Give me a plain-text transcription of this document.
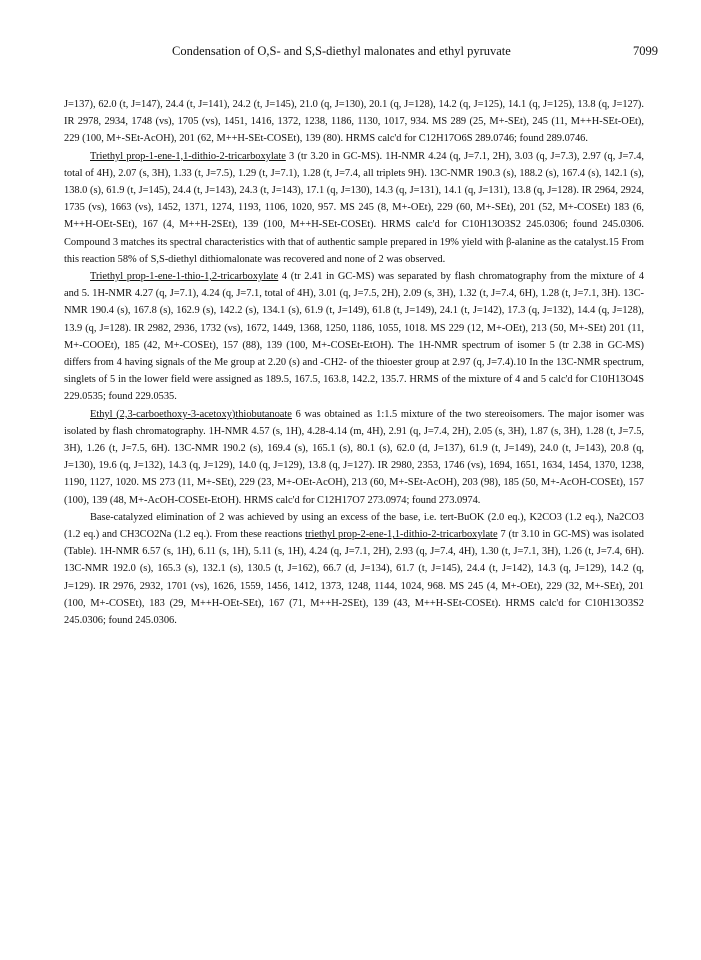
Condensation of O,S- and S,S-diethyl malonates and ethyl pyruvate	7099

J=137), 62.0 (t, J=147), 24.4 (t, J=141), 24.2 (t, J=145), 21.0 (q, J=130), 20.1 (q, J=128), 14.2 (q, J=125), 14.1 (q, J=125), 13.8 (q, J=127). IR 2978, 2934, 1748 (vs), 1705 (vs), 1451, 1416, 1372, 1238, 1186, 1130, 1017, 934. MS 289 (25, M+-SEt), 245 (11, M++H-SEt-OEt), 229 (100, M+-SEt-AcOH), 201 (62, M++H-SEt-COSEt), 139 (80). HRMS calc'd for C12H17O6S 289.0746; found 289.0746.

Triethyl prop-1-ene-1,1-dithio-2-tricarboxylate 3 (tr 3.20 in GC-MS). 1H-NMR 4.24 (q, J=7.1, 2H), 3.03 (q, J=7.3), 2.97 (q, J=7.4, total of 4H), 2.07 (s, 3H), 1.33 (t, J=7.5), 1.29 (t, J=7.1), 1.28 (t, J=7.4, all triplets 9H). 13C-NMR 190.3 (s), 188.2 (s), 167.4 (s), 142.1 (s), 138.0 (s), 61.9 (t, J=145), 24.4 (t, J=143), 24.3 (t, J=143), 17.1 (q, J=130), 14.3 (q, J=131), 14.1 (q, J=131), 13.8 (q, J=128). IR 2964, 2924, 1735 (vs), 1663 (vs), 1452, 1371, 1274, 1193, 1106, 1020, 957. MS 245 (8, M+-OEt), 229 (60, M+-SEt), 201 (52, M+-COSEt) 183 (6, M++H-OEt-SEt), 167 (4, M++H-2SEt), 139 (100, M++H-SEt-COSEt). HRMS calc'd for C10H13O3S2 245.0306; found 245.0306. Compound 3 matches its spectral characteristics with that of authentic sample prepared in 19% yield with β-alanine as the catalyst.15 From this reaction 58% of S,S-diethyl dithiomalonate was recovered and none of 2 was observed.

Triethyl prop-1-ene-1-thio-1,2-tricarboxylate 4 (tr 2.41 in GC-MS) was separated by flash chromatography from the mixture of 4 and 5. 1H-NMR 4.27 (q, J=7.1), 4.24 (q, J=7.1, total of 4H), 3.01 (q, J=7.5, 2H), 2.09 (s, 3H), 1.32 (t, J=7.4, 6H), 1.28 (t, J=7.1, 3H). 13C-NMR 190.4 (s), 167.8 (s), 162.9 (s), 142.2 (s), 134.1 (s), 61.9 (t, J=149), 61.8 (t, J=149), 24.1 (t, J=142), 17.3 (q, J=132), 14.4 (q, J=128), 13.9 (q, J=128). IR 2982, 2936, 1732 (vs), 1672, 1449, 1368, 1250, 1186, 1055, 1018. MS 229 (12, M+-OEt), 213 (50, M+-SEt) 201 (11, M+-COOEt), 185 (42, M+-COSEt), 157 (88), 139 (100, M+-COSEt-EtOH). The 1H-NMR spectrum of isomer 5 (tr 2.38 in GC-MS) differs from 4 having signals of the Me group at 2.20 (s) and -CH2- of the thioester group at 2.97 (q, J=7.4).10 In the 13C-NMR spectrum, singlets of 5 in the lower field were assigned as 189.5, 167.5, 163.8, 142.2, 135.7. HRMS of the mixture of 4 and 5 calc'd for C10H13O4S 229.0535; found 229.0535.

Ethyl (2,3-carboethoxy-3-acetoxy)thiobutanoate 6 was obtained as 1:1.5 mixture of the two stereoisomers. The major isomer was isolated by flash chromatography. 1H-NMR 4.57 (s, 1H), 4.28-4.14 (m, 4H), 2.91 (q, J=7.4, 2H), 2.05 (s, 3H), 1.87 (s, 3H), 1.28 (t, J=7.5, 3H), 1.26 (t, J=7.5, 6H). 13C-NMR 190.2 (s), 169.4 (s), 165.1 (s), 80.1 (s), 62.0 (d, J=137), 61.9 (t, J=149), 24.0 (t, J=143), 20.8 (q, J=130), 19.6 (q, J=132), 14.3 (q, J=129), 14.0 (q, J=129), 13.8 (q, J=127). IR 2980, 2353, 1746 (vs), 1694, 1651, 1634, 1454, 1370, 1238, 1190, 1127, 1020. MS 273 (11, M+-SEt), 229 (23, M+-OEt-AcOH), 213 (60, M+-SEt-AcOH), 203 (98), 185 (50, M+-AcOH-COSEt), 157 (100), 139 (48, M+-AcOH-COSEt-EtOH). HRMS calc'd for C12H17O7 273.0974; found 273.0974.

Base-catalyzed elimination of 2 was achieved by using an excess of the base, i.e. tert-BuOK (2.0 eq.), K2CO3 (1.2 eq.), Na2CO3 (1.2 eq.) and CH3CO2Na (1.2 eq.). From these reactions triethyl prop-2-ene-1,1-dithio-2-tricarboxylate 7 (tr 3.10 in GC-MS) was isolated (Table). 1H-NMR 6.57 (s, 1H), 6.11 (s, 1H), 5.11 (s, 1H), 4.24 (q, J=7.1, 2H), 2.93 (q, J=7.4, 4H), 1.30 (t, J=7.1, 3H), 1.26 (t, J=7.4, 6H). 13C-NMR 192.0 (s), 165.3 (s), 132.1 (s), 130.5 (t, J=162), 66.7 (d, J=134), 61.7 (t, J=145), 24.4 (t, J=142), 14.3 (q, J=129), 14.2 (q, J=129). IR 2976, 2932, 1701 (vs), 1626, 1559, 1456, 1412, 1373, 1248, 1144, 1024, 968. MS 245 (4, M+-OEt), 229 (32, M+-SEt), 201 (100, M+-COSEt), 183 (29, M++H-OEt-SEt), 167 (71, M++H-2SEt), 139 (43, M++H-SEt-COSEt). HRMS calc'd for C10H13O3S2 245.0306; found 245.0306.
